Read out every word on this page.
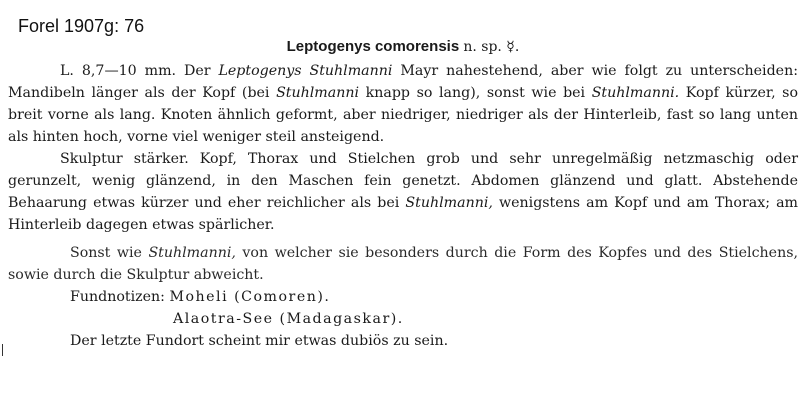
Forel 1907g: 76
Leptogenys comorensis n. sp. ☿.

L. 8,7—10 mm. Der Leptogenys Stuhlmanni Mayr nahestehend, aber wie folgt zu unterscheiden: Mandibeln länger als der Kopf (bei Stuhlmanni knapp so lang), sonst wie bei Stuhlmanni. Kopf kürzer, so breit vorne als lang. Knoten ähnlich geformt, aber niedriger, niedriger als der Hinterleib, fast so lang unten als hinten hoch, vorne viel weniger steil ansteigend.

Skulptur stärker. Kopf, Thorax und Stielchen grob und sehr unregelmäßig netzmaschig oder gerunzelt, wenig glänzend, in den Maschen fein genetzt. Abdomen glänzend und glatt. Abstehende Behaarung etwas kürzer und eher reichlicher als bei Stuhlmanni, wenigstens am Kopf und am Thorax; am Hinterleib dagegen etwas spärlicher.

Sonst wie Stuhlmanni, von welcher sie besonders durch die Form des Kopfes und des Stielchens, sowie durch die Skulptur abweicht.

Fundnotizen: Moheli (Comoren).

Alaotra-See (Madagaskar).

Der letzte Fundort scheint mir etwas dubiös zu sein.
